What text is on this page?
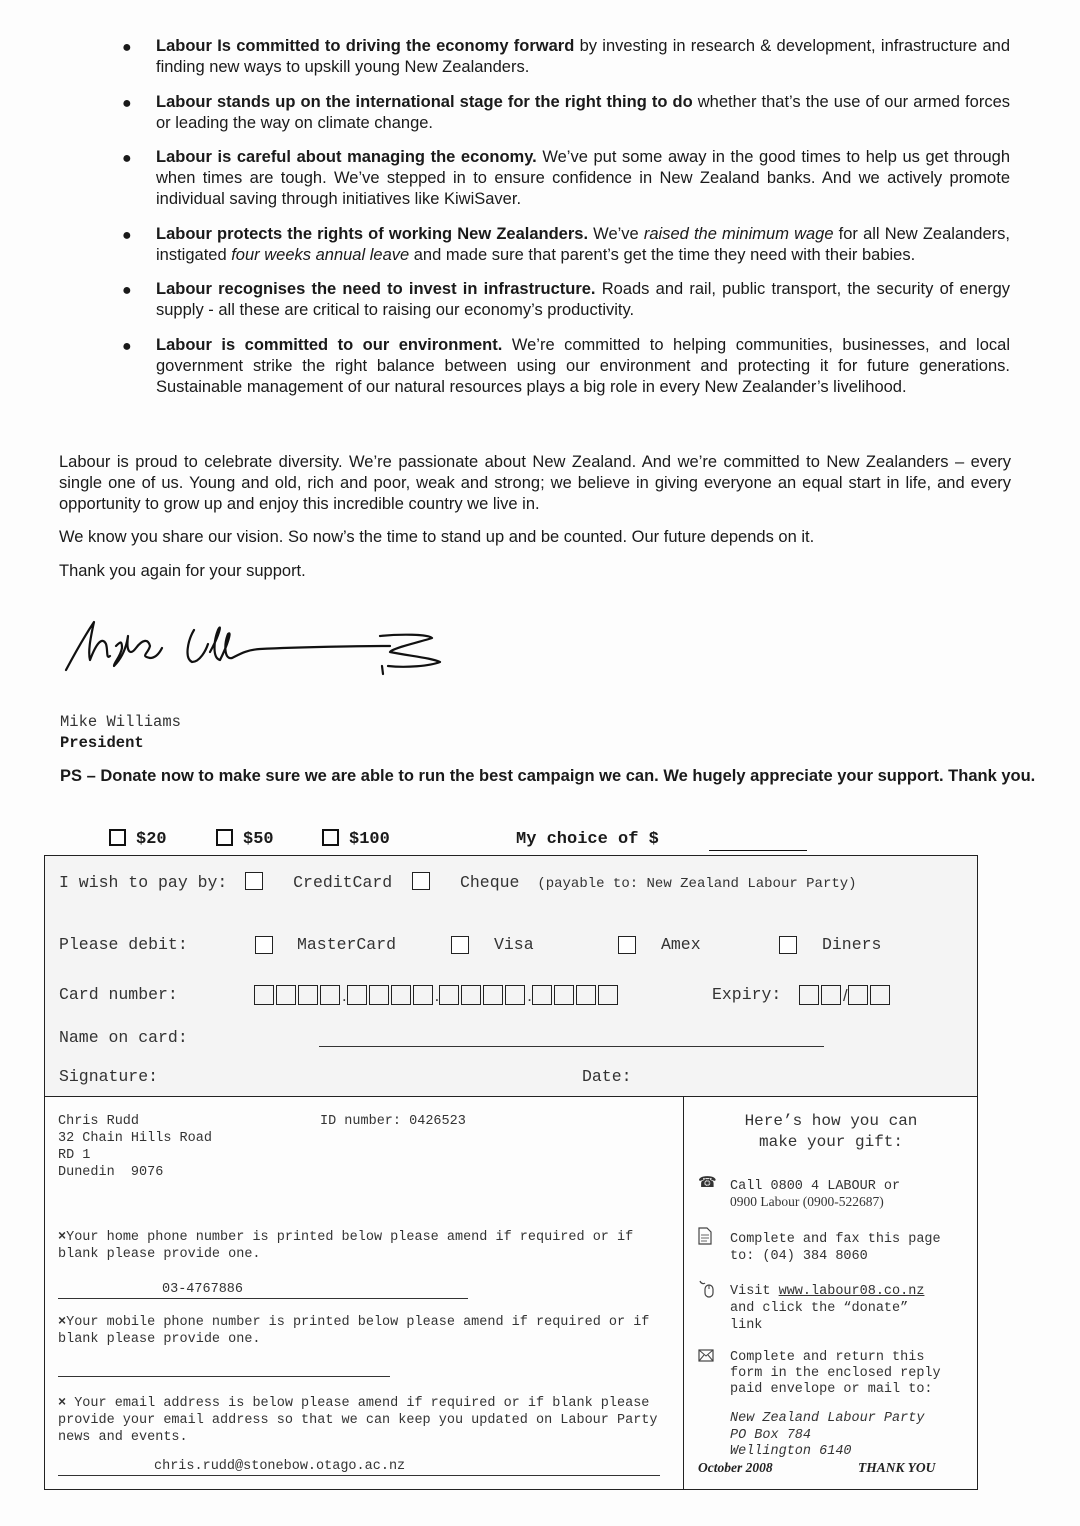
● Labour Is committed to driving the economy forward by investing in research & development, infrastructure and finding new ways to upskill young New Zealanders.
● Labour stands up on the international stage for the right thing to do whether that’s the use of our armed forces or leading the way on climate change.
● Labour is careful about managing the economy. We’ve put some away in the good times to help us get through when times are tough. We’ve stepped in to ensure confidence in New Zealand banks. And we actively promote individual saving through initiatives like KiwiSaver.
● Labour protects the rights of working New Zealanders. We’ve raised the minimum wage for all New Zealanders, instigated four weeks annual leave and made sure that parent’s get the time they need with their babies.
● Labour recognises the need to invest in infrastructure. Roads and rail, public transport, the security of energy supply - all these are critical to raising our economy’s productivity.
● Labour is committed to our environment. We’re committed to helping communities, businesses, and local government strike the right balance between using our environment and protecting it for future generations. Sustainable management of our natural resources plays a big role in every New Zealander’s livelihood.

Labour is proud to celebrate diversity. We’re passionate about New Zealand. And we’re committed to New Zealanders – every single one of us. Young and old, rich and poor, weak and strong; we believe in giving everyone an equal start in life, and every opportunity to grow up and enjoy this incredible country we live in.

We know you share our vision. So now’s the time to stand up and be counted. Our future depends on it.

Thank you again for your support.

Mike Williams
President

PS – Donate now to make sure we are able to run the best campaign we can. We hugely appreciate your support. Thank you.

$20	$50	$100	My choice of $
I wish to pay by:	CreditCard	Cheque (payable to: New Zealand Labour Party)
Please debit:	MasterCard	Visa	Amex	Diners
Card number:	.	.	.	Expiry:	/
Name on card:
Signature:	Date:
Chris Rudd
32 Chain Hills Road
RD 1
Dunedin  9076
ID number: 0426523
×Your home phone number is printed below please amend if required or if blank please provide one.
03-4767886
×Your mobile phone number is printed below please amend if required or if blank please provide one.
× Your email address is below please amend if required or if blank please provide your email address so that we can keep you updated on Labour Party news and events.
chris.rudd@stonebow.otago.ac.nz
Here’s how you can
make your gift:
☎ Call 0800 4 LABOUR or
0900 Labour (0900-522687)
Complete and fax this page
to: (04) 384 8060
Visit www.labour08.co.nz
and click the “donate”
link
Complete and return this
form in the enclosed reply
paid envelope or mail to:
New Zealand Labour Party
PO Box 784
Wellington 6140
October 2008	THANK YOU
